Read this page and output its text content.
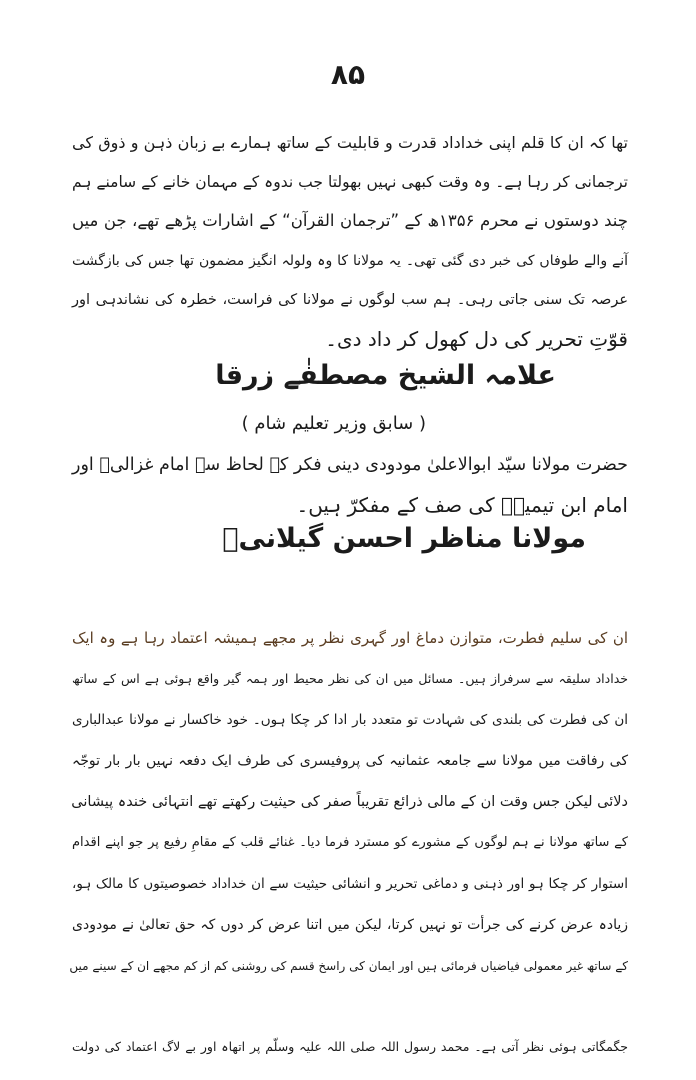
۸۵
تھا کہ ان کا قلم اپنی خداداد قدرت و قابلیت کے ساتھ ہمارے بے زبان ذہن و ذوق کی
ترجمانی کر رہا ہے۔ وہ وقت کبھی نہیں بھولتا جب ندوہ کے مہمان خانے کے سامنے ہم
چند دوستوں نے محرم ۱۳۵۶ھ کے ”ترجمان القرآن“ کے اشارات پڑھے تھے، جن میں
آنے والے طوفاں کی خبر دی گئی تھی۔ یہ مولانا کا وہ ولولہ انگیز مضمون تھا جس کی بازگشت
عرصہ تک سنی جاتی رہی۔ ہم سب لوگوں نے مولانا کی فراست، خطرہ کی نشاندہی اور
قوّتِ تحریر کی دل کھول کر داد دی۔
علامہ الشیخ مصطفٰے زرقا
( سابق وزیر تعلیم شام )
حضرت مولانا سیّد ابوالاعلیٰ مودودی دینی فکر کے لحاظ سے امام غزالیؒ اور
امام ابن تیمیہؒ کی صف کے مفکرّ ہیں۔
مولانا مناظر احسن گیلانیؒ
ان کی سلیم فطرت، متوازن دماغ اور گہری نظر پر مجھے ہمیشہ اعتماد رہا ہے وہ ایک
خداداد سلیقہ سے سرفراز ہیں۔ مسائل میں ان کی نظر محیط اور ہمہ گیر واقع ہوئی ہے اس کے ساتھ
ان کی فطرت کی بلندی کی شہادت تو متعدد بار ادا کر چکا ہوں۔ خود خاکسار نے مولانا عبدالباری
کی رفاقت میں مولانا سے جامعہ عثمانیہ کی پروفیسری کی طرف ایک دفعہ نہیں بار بار توجّہ
دلائی لیکن جس وقت ان کے مالی ذرائع تقریباً صفر کی حیثیت رکھتے تھے انتہائی خندہ پیشانی
کے ساتھ مولانا نے ہم لوگوں کے مشورے کو مسترد فرما دیا۔ غنائے قلب کے مقامِ رفیع پر جو اپنے اقدام
استوار کر چکا ہو اور ذہنی و دماغی تحریر و انشائی حیثیت سے ان خداداد خصوصیتوں کا مالک ہو،
زیادہ عرض کرنے کی جرأت تو نہیں کرتا، لیکن میں اتنا عرض کر دوں کہ حق تعالیٰ نے مودودی
کے ساتھ غیر معمولی فیاضیاں فرمائی ہیں اور ایمان کی راسخ قسم کی روشنی کم از کم مجھے ان کے سینے میں
جگمگاتی ہوئی نظر آتی ہے۔ محمد رسول اللہ صلی اللہ علیہ وسلّم پر اتھاہ اور بے لاگ اعتماد کی دولت
